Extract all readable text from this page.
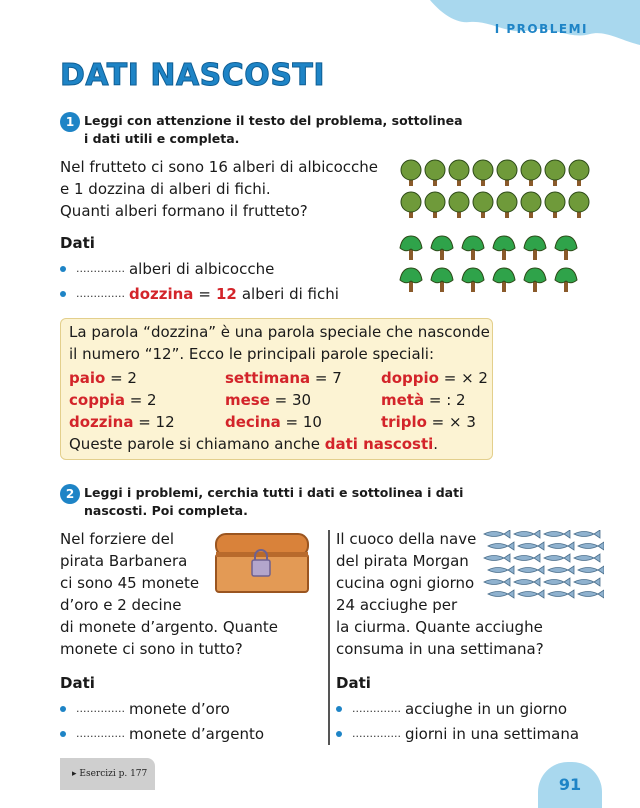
I PROBLEMI
DATI NASCOSTI
1 Leggi con attenzione il testo del problema, sottolinea
i dati utili e completa.
Nel frutteto ci sono 16 alberi di albicocche
e 1 dozzina di alberi di fichi.
Quanti alberi formano il frutteto?
Dati
.............. alberi di albicocche
.............. dozzina = 12 alberi di fichi
La parola “dozzina” è una parola speciale che nasconde
il numero “12”. Ecco le principali parole speciali:
paio = 2	settimana = 7	doppio = × 2
coppia = 2	mese = 30	metà = : 2
dozzina = 12	decina = 10	triplo = × 3
Queste parole si chiamano anche dati nascosti.
2 Leggi i problemi, cerchia tutti i dati e sottolinea i dati
nascosti. Poi completa.
Nel forziere del
pirata Barbanera
ci sono 45 monete
d’oro e 2 decine
di monete d’argento. Quante
monete ci sono in tutto?
Dati
.............. monete d’oro
.............. monete d’argento
Il cuoco della nave
del pirata Morgan
cucina ogni giorno
24 acciughe per
la ciurma. Quante acciughe
consuma in una settimana?
Dati
.............. acciughe in un giorno
.............. giorni in una settimana
▸ Esercizi p. 177
91
